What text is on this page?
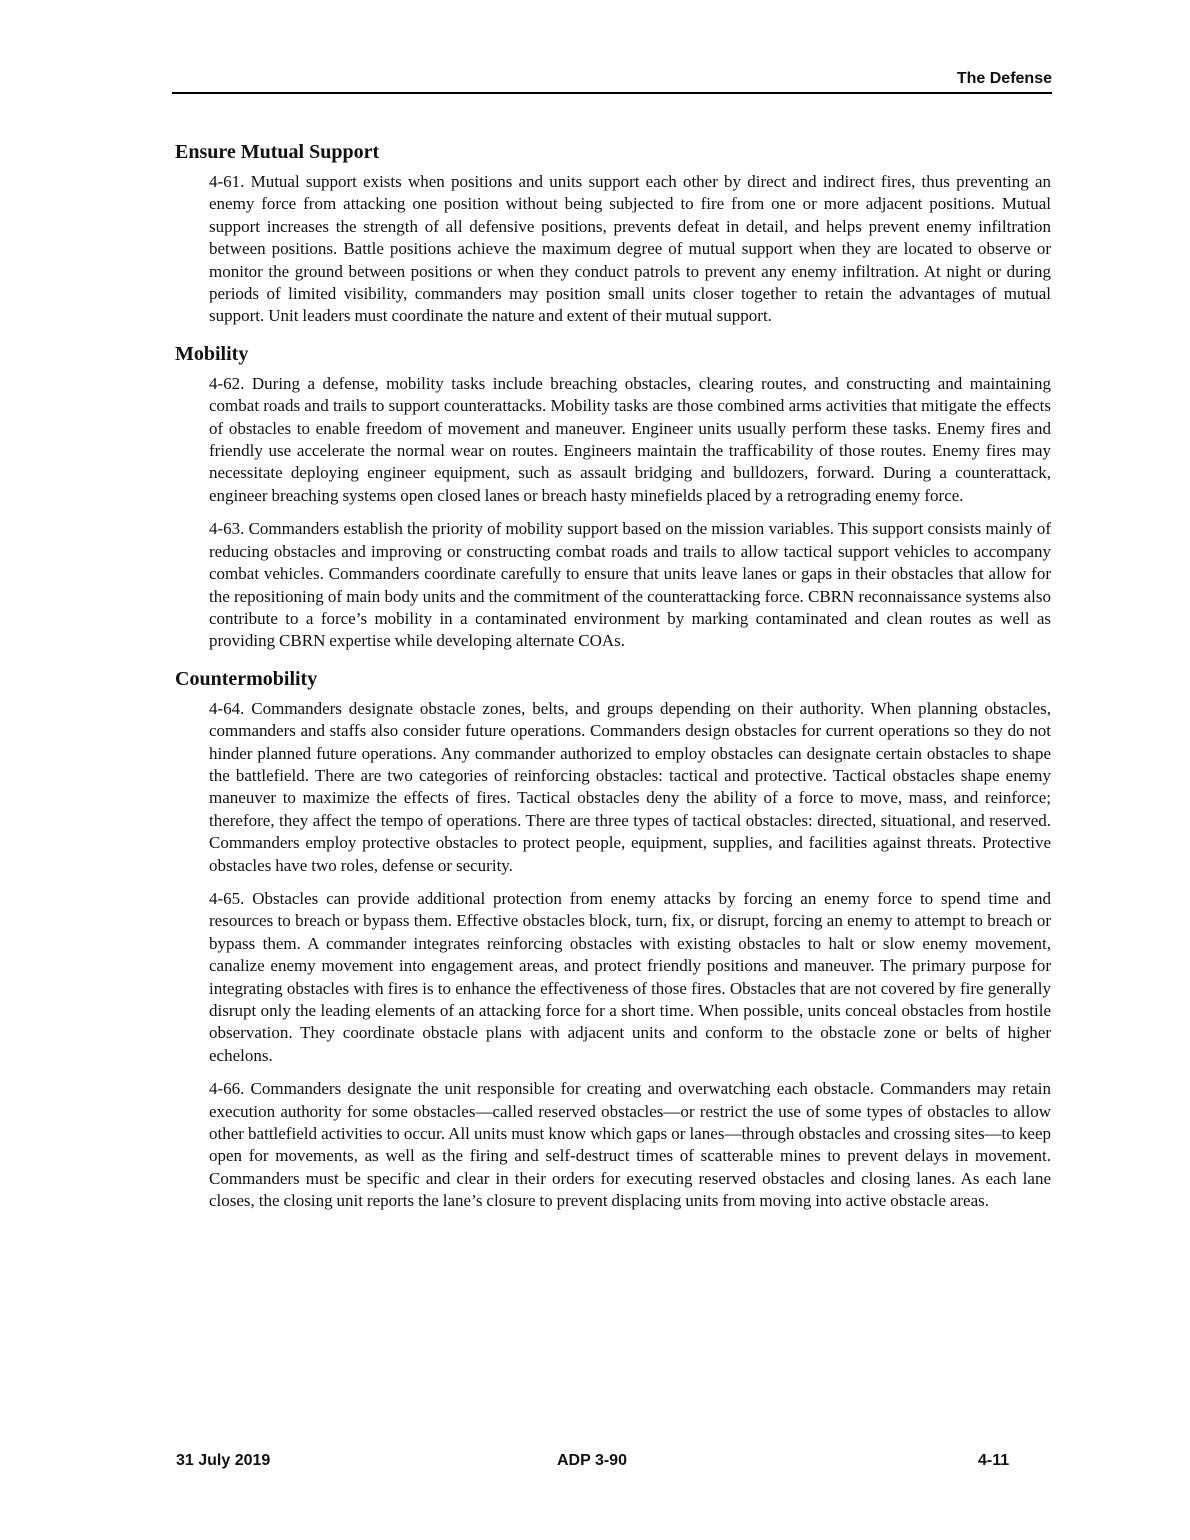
The Defense
Ensure Mutual Support

4-61. Mutual support exists when positions and units support each other by direct and indirect fires, thus preventing an enemy force from attacking one position without being subjected to fire from one or more adjacent positions. Mutual support increases the strength of all defensive positions, prevents defeat in detail, and helps prevent enemy infiltration between positions. Battle positions achieve the maximum degree of mutual support when they are located to observe or monitor the ground between positions or when they conduct patrols to prevent any enemy infiltration. At night or during periods of limited visibility, commanders may position small units closer together to retain the advantages of mutual support. Unit leaders must coordinate the nature and extent of their mutual support.

Mobility

4-62. During a defense, mobility tasks include breaching obstacles, clearing routes, and constructing and maintaining combat roads and trails to support counterattacks. Mobility tasks are those combined arms activities that mitigate the effects of obstacles to enable freedom of movement and maneuver. Engineer units usually perform these tasks. Enemy fires and friendly use accelerate the normal wear on routes. Engineers maintain the trafficability of those routes. Enemy fires may necessitate deploying engineer equipment, such as assault bridging and bulldozers, forward. During a counterattack, engineer breaching systems open closed lanes or breach hasty minefields placed by a retrograding enemy force.

4-63. Commanders establish the priority of mobility support based on the mission variables. This support consists mainly of reducing obstacles and improving or constructing combat roads and trails to allow tactical support vehicles to accompany combat vehicles. Commanders coordinate carefully to ensure that units leave lanes or gaps in their obstacles that allow for the repositioning of main body units and the commitment of the counterattacking force. CBRN reconnaissance systems also contribute to a force’s mobility in a contaminated environment by marking contaminated and clean routes as well as providing CBRN expertise while developing alternate COAs.

Countermobility

4-64. Commanders designate obstacle zones, belts, and groups depending on their authority. When planning obstacles, commanders and staffs also consider future operations. Commanders design obstacles for current operations so they do not hinder planned future operations. Any commander authorized to employ obstacles can designate certain obstacles to shape the battlefield. There are two categories of reinforcing obstacles: tactical and protective. Tactical obstacles shape enemy maneuver to maximize the effects of fires. Tactical obstacles deny the ability of a force to move, mass, and reinforce; therefore, they affect the tempo of operations. There are three types of tactical obstacles: directed, situational, and reserved. Commanders employ protective obstacles to protect people, equipment, supplies, and facilities against threats. Protective obstacles have two roles, defense or security.

4-65. Obstacles can provide additional protection from enemy attacks by forcing an enemy force to spend time and resources to breach or bypass them. Effective obstacles block, turn, fix, or disrupt, forcing an enemy to attempt to breach or bypass them. A commander integrates reinforcing obstacles with existing obstacles to halt or slow enemy movement, canalize enemy movement into engagement areas, and protect friendly positions and maneuver. The primary purpose for integrating obstacles with fires is to enhance the effectiveness of those fires. Obstacles that are not covered by fire generally disrupt only the leading elements of an attacking force for a short time. When possible, units conceal obstacles from hostile observation. They coordinate obstacle plans with adjacent units and conform to the obstacle zone or belts of higher echelons.

4-66. Commanders designate the unit responsible for creating and overwatching each obstacle. Commanders may retain execution authority for some obstacles—called reserved obstacles—or restrict the use of some types of obstacles to allow other battlefield activities to occur. All units must know which gaps or lanes—through obstacles and crossing sites—to keep open for movements, as well as the firing and self-destruct times of scatterable mines to prevent delays in movement. Commanders must be specific and clear in their orders for executing reserved obstacles and closing lanes. As each lane closes, the closing unit reports the lane’s closure to prevent displacing units from moving into active obstacle areas.

31 July 2019	ADP 3-90	4-11
